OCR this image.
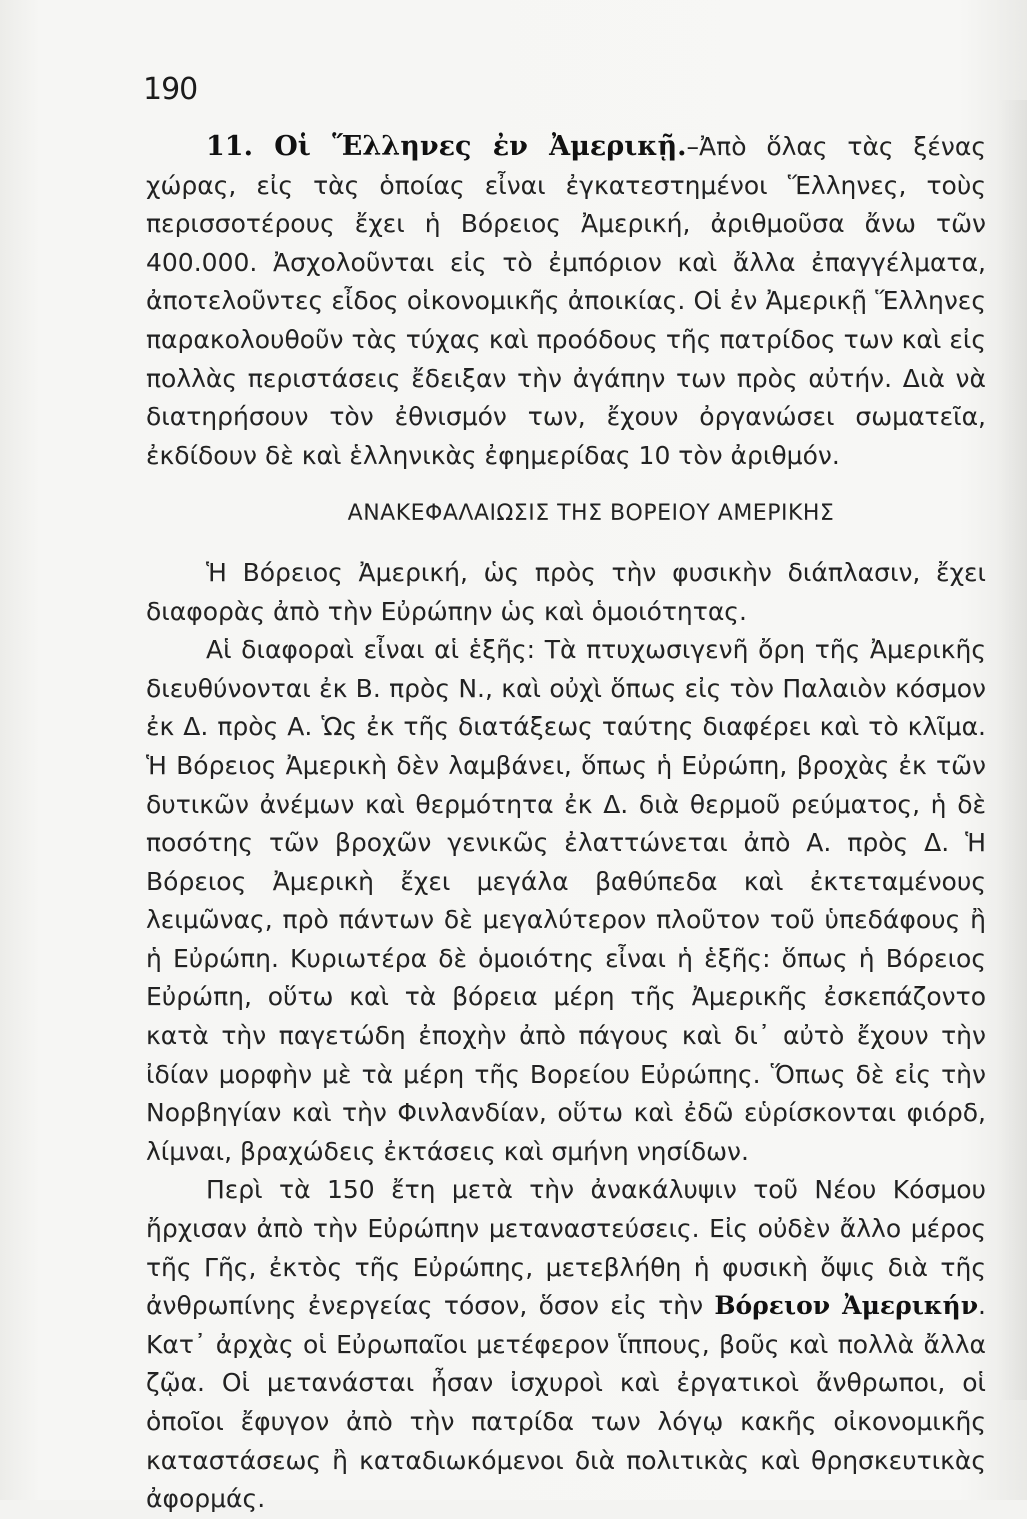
190

11. Οἱ Ἕλληνες ἐν Ἀμερικῇ.–Ἀπὸ ὅλας τὰς ξένας χώρας, εἰς τὰς ὁποίας εἶναι ἐγκατεστημένοι Ἕλληνες, τοὺς περισσοτέρους ἔχει ἡ Βόρειος Ἀμερική, ἀριθμοῦσα ἄνω τῶν 400.000. Ἀσχολοῦνται εἰς τὸ ἐμπόριον καὶ ἄλλα ἐπαγγέλματα, ἀποτελοῦντες εἶδος οἰκονομικῆς ἀποικίας. Οἱ ἐν Ἀμερικῇ Ἕλληνες παρακολουθοῦν τὰς τύχας καὶ προόδους τῆς πατρίδος των καὶ εἰς πολλὰς περιστάσεις ἔδειξαν τὴν ἀγάπην των πρὸς αὐτήν. Διὰ νὰ διατηρήσουν τὸν ἐθνισμόν των, ἔχουν ὀργανώσει σωματεῖα, ἐκδίδουν δὲ καὶ ἑλληνικὰς ἐφημερίδας 10 τὸν ἀριθμόν.

ΑΝΑΚΕΦΑΛΑΙΩΣΙΣ ΤΗΣ ΒΟΡΕΙΟΥ ΑΜΕΡΙΚΗΣ

Ἡ Βόρειος Ἀμερική, ὡς πρὸς τὴν φυσικὴν διάπλασιν, ἔχει διαφορὰς ἀπὸ τὴν Εὐρώπην ὡς καὶ ὁμοιότητας.

Αἱ διαφοραὶ εἶναι αἱ ἑξῆς: Τὰ πτυχωσιγενῆ ὄρη τῆς Ἀμερικῆς διευθύνονται ἐκ Β. πρὸς Ν., καὶ οὐχὶ ὅπως εἰς τὸν Παλαιὸν κόσμον ἐκ Δ. πρὸς Α. Ὡς ἐκ τῆς διατάξεως ταύτης διαφέρει καὶ τὸ κλῖμα. Ἡ Βόρειος Ἀμερικὴ δὲν λαμβάνει, ὅπως ἡ Εὐρώπη, βροχὰς ἐκ τῶν δυτικῶν ἀνέμων καὶ θερμότητα ἐκ Δ. διὰ θερμοῦ ρεύματος, ἡ δὲ ποσότης τῶν βροχῶν γενικῶς ἐλαττώνεται ἀπὸ Α. πρὸς Δ. Ἡ Βόρειος Ἀμερικὴ ἔχει μεγάλα βαθύπεδα καὶ ἐκτεταμένους λειμῶνας, πρὸ πάντων δὲ μεγαλύτερον πλοῦτον τοῦ ὑπεδάφους ἢ ἡ Εὐρώπη. Κυριωτέρα δὲ ὁμοιότης εἶναι ἡ ἑξῆς: ὅπως ἡ Βόρειος Εὐρώπη, οὕτω καὶ τὰ βόρεια μέρη τῆς Ἀμερικῆς ἐσκεπάζοντο κατὰ τὴν παγετώδη ἐποχὴν ἀπὸ πάγους καὶ δι᾽ αὐτὸ ἔχουν τὴν ἰδίαν μορφὴν μὲ τὰ μέρη τῆς Βορείου Εὐρώπης. Ὅπως δὲ εἰς τὴν Νορβηγίαν καὶ τὴν Φινλανδίαν, οὕτω καὶ ἐδῶ εὑρίσκονται φιόρδ, λίμναι, βραχώδεις ἐκτάσεις καὶ σμήνη νησίδων.

Περὶ τὰ 150 ἔτη μετὰ τὴν ἀνακάλυψιν τοῦ Νέου Κόσμου ἤρχισαν ἀπὸ τὴν Εὐρώπην μεταναστεύσεις. Εἰς οὐδὲν ἄλλο μέρος τῆς Γῆς, ἐκτὸς τῆς Εὐρώπης, μετεβλήθη ἡ φυσικὴ ὄψις διὰ τῆς ἀνθρωπίνης ἐνεργείας τόσον, ὅσον εἰς τὴν Βόρειον Ἀμερικήν. Κατ᾽ ἀρχὰς οἱ Εὐρωπαῖοι μετέφερον ἵππους, βοῦς καὶ πολλὰ ἄλλα ζῷα. Οἱ μετανάσται ἦσαν ἰσχυροὶ καὶ ἐργατικοὶ ἄνθρωποι, οἱ ὁποῖοι ἔφυγον ἀπὸ τὴν πατρίδα των λόγῳ κακῆς οἰκονομικῆς καταστάσεως ἢ καταδιωκόμενοι διὰ πολιτικὰς καὶ θρησκευτικὰς ἀφορμάς.
